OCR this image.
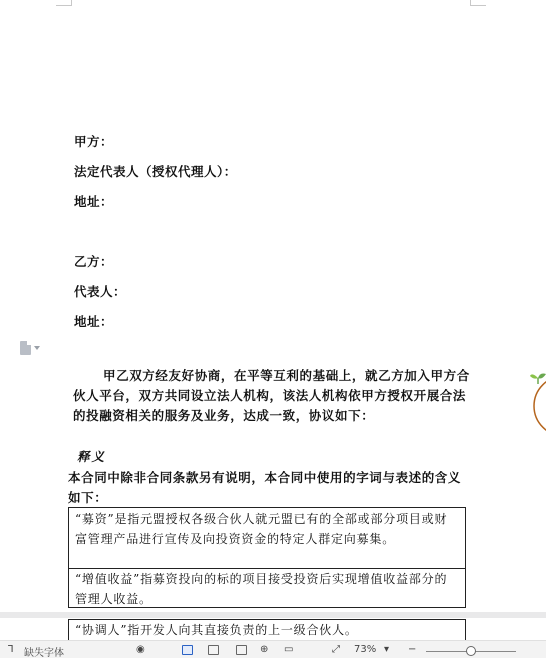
甲方：
法定代表人（授权代理人）：
地址：
乙方：
代表人：
地址：
甲乙双方经友好协商，在平等互利的基础上，就乙方加入甲方合伙人平台，双方共同设立法人机构，该法人机构依甲方授权开展合法的投融资相关的服务及业务，达成一致，协议如下：
释义
本合同中除非合同条款另有说明，本合同中使用的字词与表述的含义如下：
“募资”是指元盟授权各级合伙人就元盟已有的全部或部分项目或财富管理产品进行宣传及向投资资金的特定人群定向募集。
“增值收益”指募资投向的标的项目接受投资后实现增值收益部分的管理人收益。
“协调人”指开发人向其直接负责的上一级合伙人。
Ꞁ 缺失字体	◉	⊕ ▭	⤢ 73% ▾ −
